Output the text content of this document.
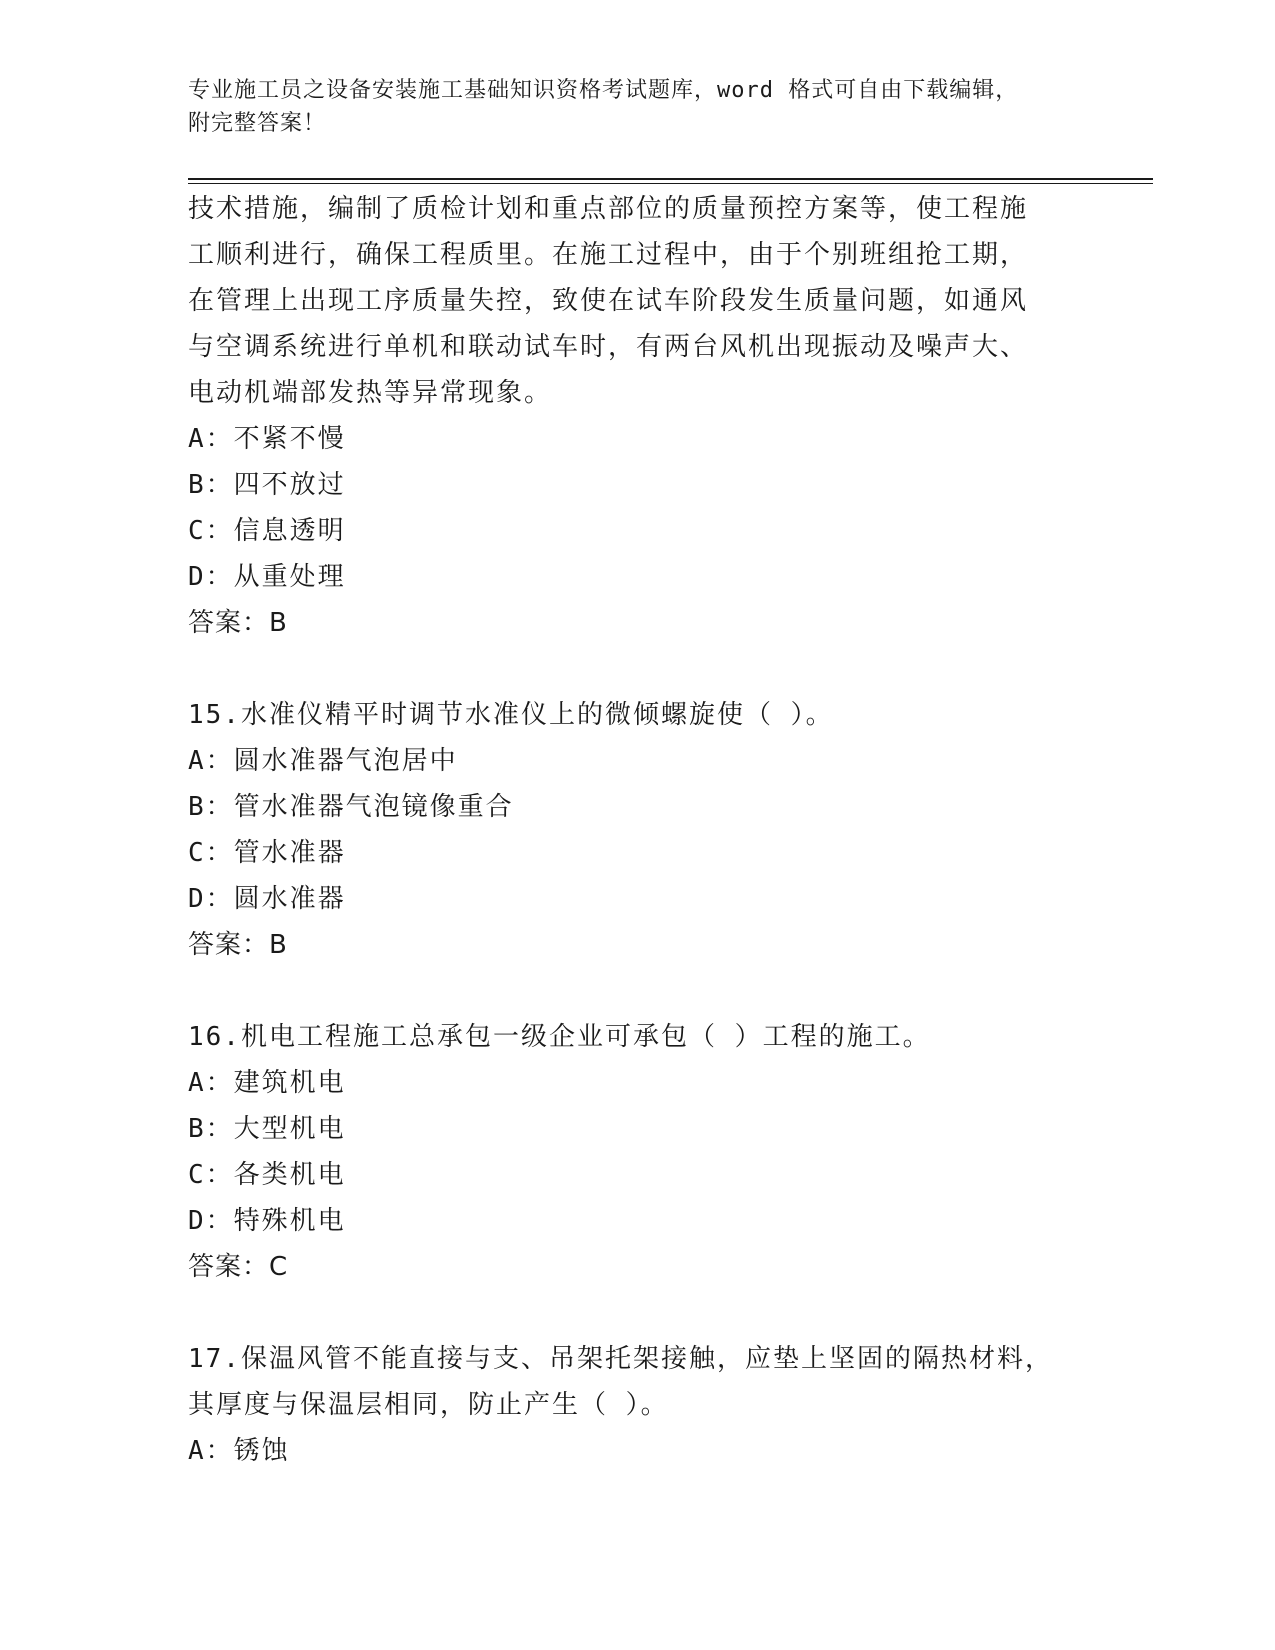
专业施工员之设备安装施工基础知识资格考试题库，word 格式可自由下载编辑，
附完整答案！
技术措施，编制了质检计划和重点部位的质量预控方案等，使工程施
工顺利进行，确保工程质里。在施工过程中，由于个别班组抢工期，
在管理上出现工序质量失控，致使在试车阶段发生质量问题，如通风
与空调系统进行单机和联动试车时，有两台风机出现振动及噪声大、
电动机端部发热等异常现象。
A：不紧不慢
B：四不放过
C：信息透明
D：从重处理
答案：B
15.水准仪精平时调节水准仪上的微倾螺旋使（ ）。
A：圆水准器气泡居中
B：管水准器气泡镜像重合
C：管水准器
D：圆水准器
答案：B
16.机电工程施工总承包一级企业可承包（ ）工程的施工。
A：建筑机电
B：大型机电
C：各类机电
D：特殊机电
答案：C
17.保温风管不能直接与支、吊架托架接触，应垫上坚固的隔热材料，
其厚度与保温层相同，防止产生（ ）。
A：锈蚀
